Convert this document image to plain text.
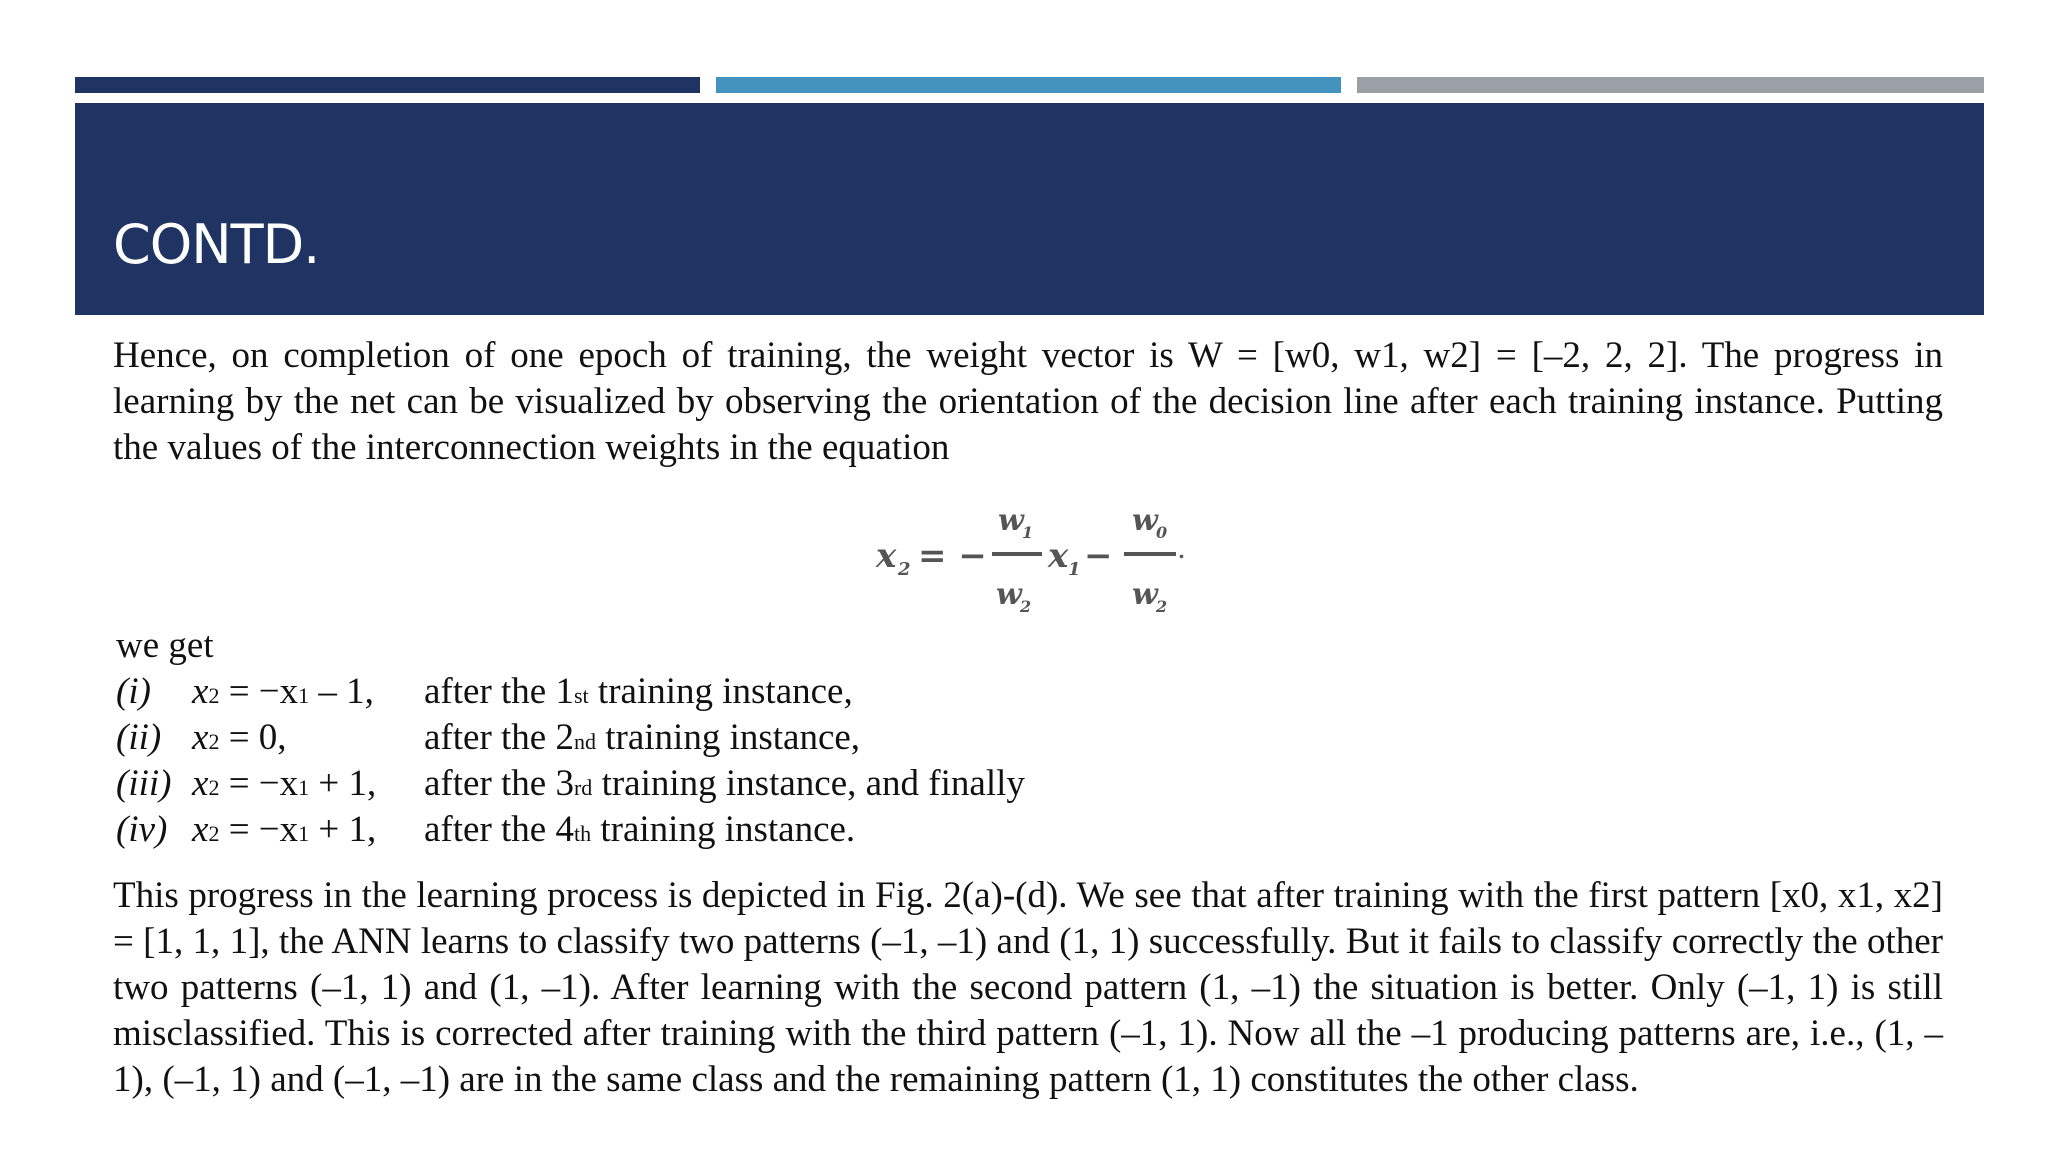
CONTD.

Hence, on completion of one epoch of training, the weight vector is W = [w0, w1, w2] = [–2, 2, 2]. The progress in learning by the net can be visualized by observing the orientation of the decision line after each training instance. Putting the values of the interconnection weights in the equation

x 2 = −
w
1
w
2
x 1 −
w
0
w
2
.

we get

(i) x2 = −x1 – 1, after the 1st training instance,
(ii) x2 = 0,	after the 2nd training instance,
(iii) x2 = −x1 + 1, after the 3rd training instance, and finally
(iv) x2 = −x1 + 1, after the 4th training instance.

This progress in the learning process is depicted in Fig. 2(a)-(d). We see that after training with the first pattern [x0, x1, x2] = [1, 1, 1], the ANN learns to classify two patterns (–1, –1) and (1, 1) successfully. But it fails to classify correctly the other two patterns (–1, 1) and (1, –1). After learning with the second pattern (1, –1) the situation is better. Only (–1, 1) is still misclassified. This is corrected after training with the third pattern (–1, 1). Now all the –1 producing patterns are, i.e., (1, –1), (–1, 1) and (–1, –1) are in the same class and the remaining pattern (1, 1) constitutes the other class.
